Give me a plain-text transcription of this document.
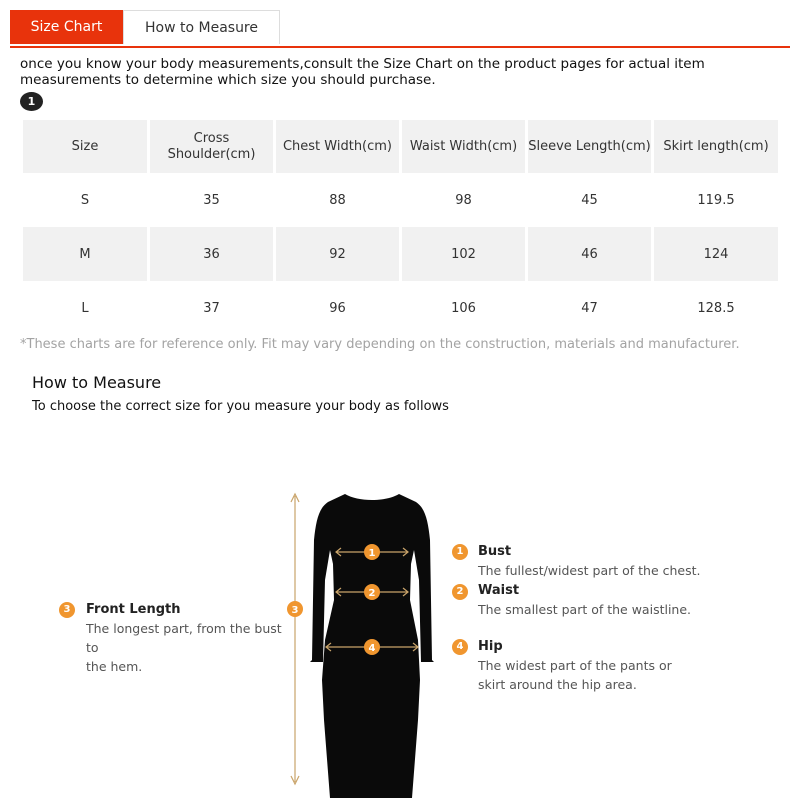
Size Chart	How to Measure
once you know your body measurements,consult the Size Chart on the product pages for actual item measurements to determine which size you should purchase.
1
Size	Cross Shoulder(cm)	Chest Width(cm)	Waist Width(cm)	Sleeve Length(cm)	Skirt length(cm)
S	35	88	98	45	119.5
M	36	92	102	46	124
L	37	96	106	47	128.5
*These charts are for reference only. Fit may vary depending on the construction, materials and manufacturer.
How to Measure
To choose the correct size for you measure your body as follows
1
2
4
3
3	Front Length
The longest part, from the bust to
the hem.
1	Bust
The fullest/widest part of the chest.
2	Waist
The smallest part of the waistline.
4	Hip
The widest part of the pants or
skirt around the hip area.
